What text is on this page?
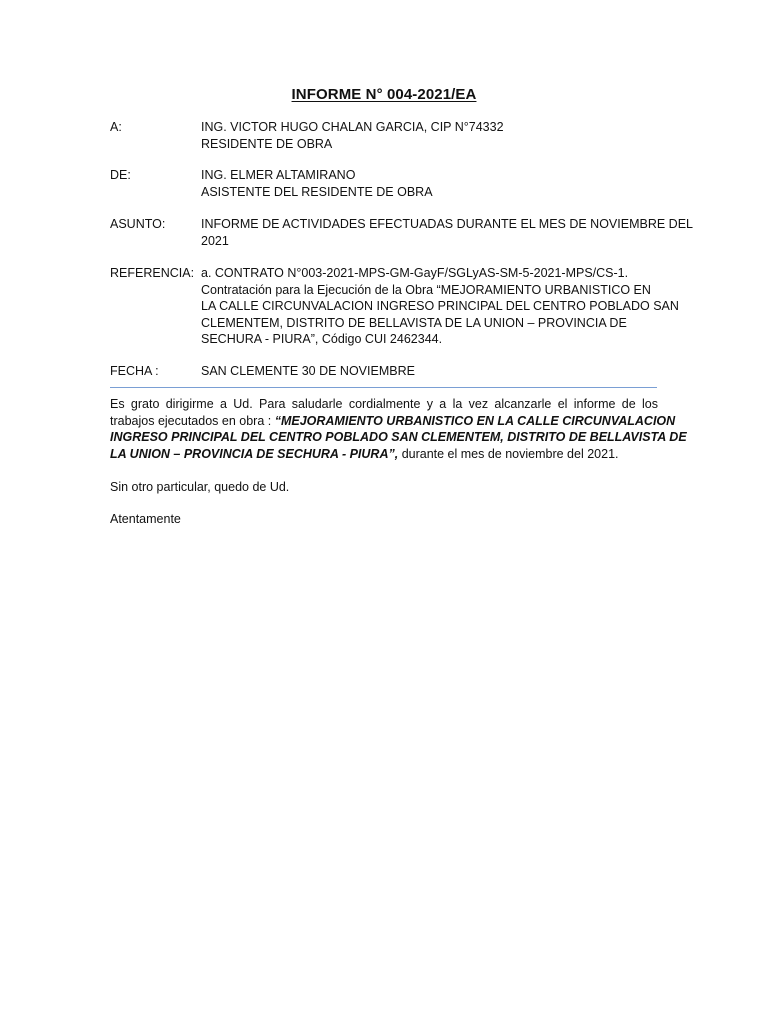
INFORME N° 004-2021/EA
A:	ING. VICTOR HUGO CHALAN GARCIA, CIP N°74332
RESIDENTE DE OBRA
DE:	ING. ELMER ALTAMIRANO
ASISTENTE DEL RESIDENTE DE OBRA
ASUNTO:	INFORME DE ACTIVIDADES EFECTUADAS DURANTE EL MES DE NOVIEMBRE DEL
2021
REFERENCIA: a. CONTRATO N°003-2021-MPS-GM-GayF/SGLyAS-SM-5-2021-MPS/CS-1.
Contratación para la Ejecución de la Obra “MEJORAMIENTO URBANISTICO EN
LA CALLE CIRCUNVALACION INGRESO PRINCIPAL DEL CENTRO POBLADO SAN
CLEMENTEM, DISTRITO DE BELLAVISTA DE LA UNION – PROVINCIA DE
SECHURA - PIURA”, Código CUI 2462344.
FECHA :	SAN CLEMENTE 30 DE NOVIEMBRE
Es grato dirigirme a Ud. Para saludarle cordialmente y a la vez alcanzarle el informe de los
trabajos ejecutados en obra : “MEJORAMIENTO URBANISTICO EN LA CALLE CIRCUNVALACION
INGRESO PRINCIPAL DEL CENTRO POBLADO SAN CLEMENTEM, DISTRITO DE BELLAVISTA DE
LA UNION – PROVINCIA DE SECHURA - PIURA”, durante el mes de noviembre del 2021.
Sin otro particular, quedo de Ud.
Atentamente
